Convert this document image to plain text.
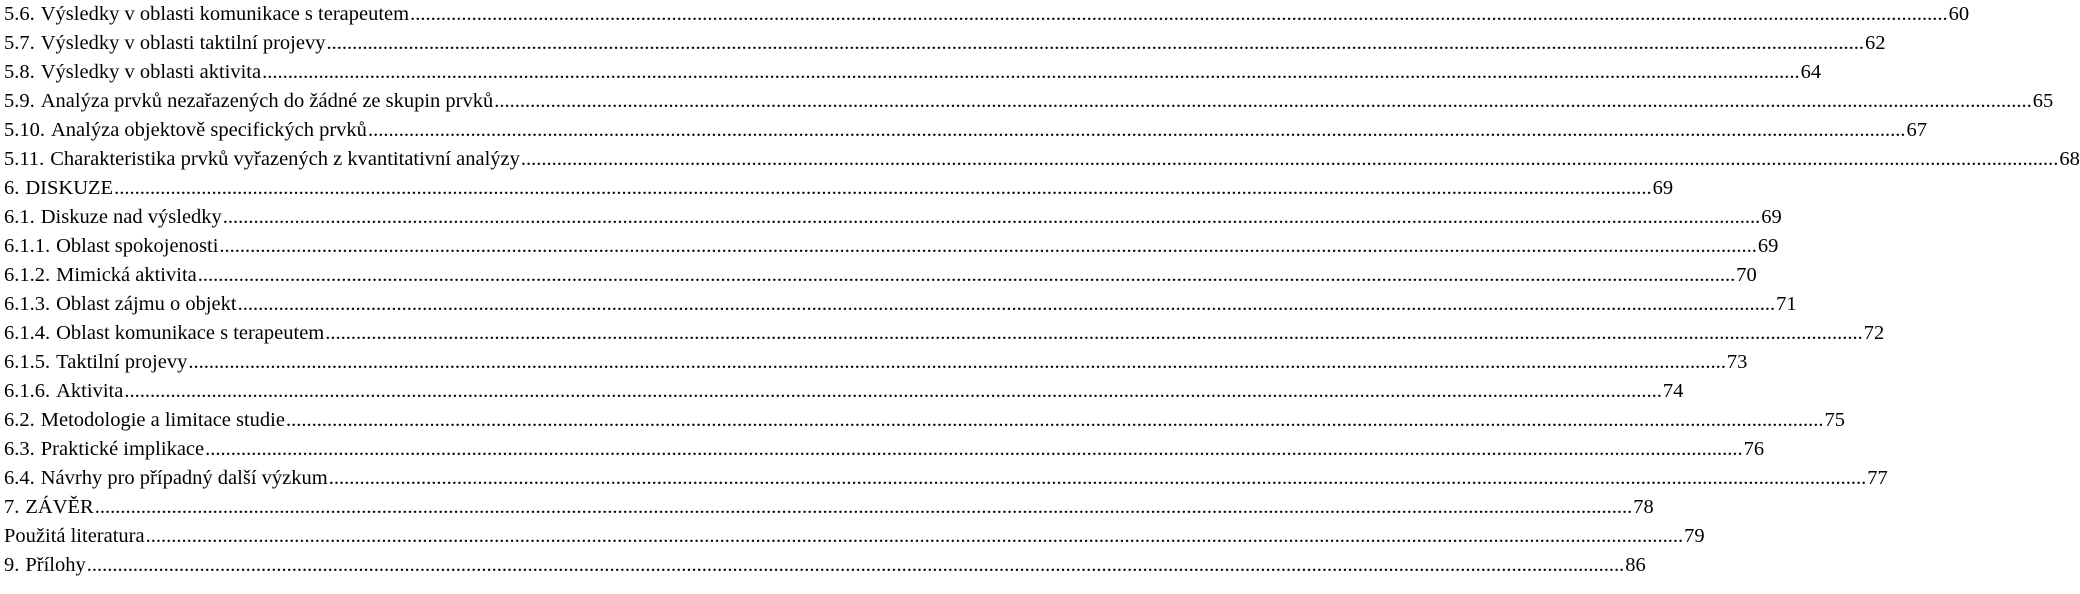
5.6. Výsledky v oblasti komunikace s terapeutem ............................................................................................................................................................................................................................................................................................................ 60
5.7. Výsledky v oblasti taktilní projevy ............................................................................................................................................................................................................................................................................................................ 62
5.8. Výsledky v oblasti aktivita ............................................................................................................................................................................................................................................................................................................ 64
5.9. Analýza prvků nezařazených do žádné ze skupin prvků ............................................................................................................................................................................................................................................................................................................ 65
5.10. Analýza objektově specifických prvků ............................................................................................................................................................................................................................................................................................................ 67
5.11. Charakteristika prvků vyřazených z kvantitativní analýzy ............................................................................................................................................................................................................................................................................................................ 68
6. DISKUZE ............................................................................................................................................................................................................................................................................................................ 69
6.1. Diskuze nad výsledky ............................................................................................................................................................................................................................................................................................................ 69
6.1.1. Oblast spokojenosti ............................................................................................................................................................................................................................................................................................................ 69
6.1.2. Mimická aktivita ............................................................................................................................................................................................................................................................................................................ 70
6.1.3. Oblast zájmu o objekt ............................................................................................................................................................................................................................................................................................................ 71
6.1.4. Oblast komunikace s terapeutem ............................................................................................................................................................................................................................................................................................................ 72
6.1.5. Taktilní projevy ............................................................................................................................................................................................................................................................................................................ 73
6.1.6. Aktivita ............................................................................................................................................................................................................................................................................................................ 74
6.2. Metodologie a limitace studie ............................................................................................................................................................................................................................................................................................................ 75
6.3. Praktické implikace ............................................................................................................................................................................................................................................................................................................ 76
6.4. Návrhy pro případný další výzkum ............................................................................................................................................................................................................................................................................................................ 77
7. ZÁVĚR ............................................................................................................................................................................................................................................................................................................ 78
Použitá literatura ............................................................................................................................................................................................................................................................................................................ 79
9. Přílohy ............................................................................................................................................................................................................................................................................................................ 86
